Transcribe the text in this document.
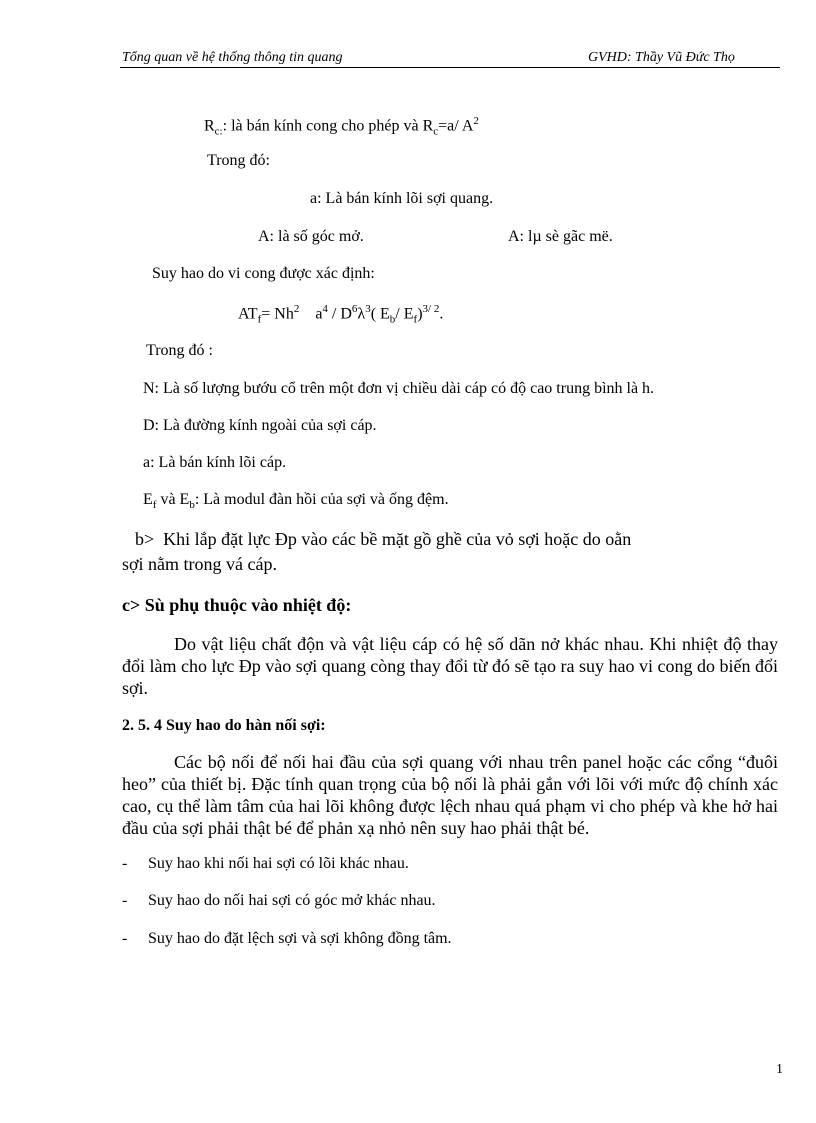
Tổng quan về hệ thống thông tin quang	GVHD: Thầy Vũ Đức Thọ
$R_{c:}$: là bán kính cong cho phép và $R_c=a/$ $A^2$
Trong đó:
a: Là bán kính lõi sợi quang.
A: là số góc mở.	A: lµ sè gãc më.
Suy hao do vi cong được xác định:
$AT_f= Nh^2$ $a^4 / D^6\lambda^3$( $E_b/$ $E_f)^{3/ 2}$.
Trong đó :
N: Là số lượng bướu cổ trên một đơn vị chiều dài cáp có độ cao trung bình là h.
D: Là đường kính ngoài của sợi cáp.
a: Là bán kính lõi cáp.
$E_f$ và $E_b$: Là modul đàn hồi của sợi và ống đệm.
b> Khi lắp đặt lực Đp vào các bề mặt gồ ghề của vỏ sợi hoặc do oằn
sợi nằm trong vá cáp.
c> Sù phụ thuộc vào nhiệt độ:
Do vật liệu chất độn và vật liệu cáp có hệ số dãn nở khác nhau. Khi nhiệt độ thay đổi làm cho lực Đp vào sợi quang còng thay đổi từ đó sẽ tạo ra suy hao vi cong do biến đổi sợi.
2. 5. 4 Suy hao do hàn nối sợi:
Các bộ nối để nối hai đầu của sợi quang với nhau trên panel hoặc các cổng “đuôi heo” của thiết bị. Đặc tính quan trọng của bộ nối là phải gắn với lõi với mức độ chính xác cao, cụ thể làm tâm của hai lõi không được lệch nhau quá phạm vi cho phép và khe hở hai đầu của sợi phải thật bé để phản xạ nhỏ nên suy hao phải thật bé.
- Suy hao khi nối hai sợi có lõi khác nhau.
- Suy hao do nối hai sợi có góc mở khác nhau.
- Suy hao do đặt lệch sợi và sợi không đồng tâm.
1
